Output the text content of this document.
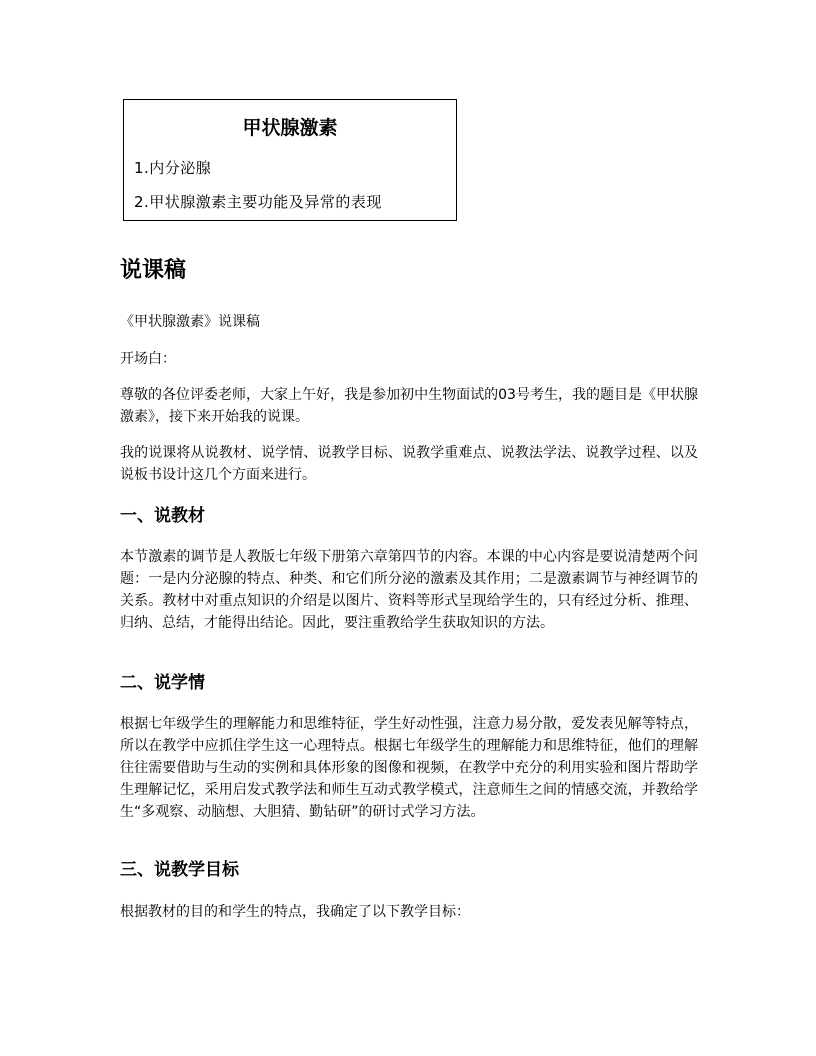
甲状腺激素
1.内分泌腺
2.甲状腺激素主要功能及异常的表现
说课稿
《甲状腺激素》说课稿
开场白：
尊敬的各位评委老师，大家上午好，我是参加初中生物面试的03号考生，我的题目是《甲状腺激素》，接下来开始我的说课。
我的说课将从说教材、说学情、说教学目标、说教学重难点、说教法学法、说教学过程、以及说板书设计这几个方面来进行。
一、说教材
本节激素的调节是人教版七年级下册第六章第四节的内容。本课的中心内容是要说清楚两个问题：一是内分泌腺的特点、种类、和它们所分泌的激素及其作用；二是激素调节与神经调节的关系。教材中对重点知识的介绍是以图片、资料等形式呈现给学生的，只有经过分析、推理、归纳、总结，才能得出结论。因此，要注重教给学生获取知识的方法。
二、说学情
根据七年级学生的理解能力和思维特征，学生好动性强，注意力易分散，爱发表见解等特点，所以在教学中应抓住学生这一心理特点。根据七年级学生的理解能力和思维特征，他们的理解往往需要借助与生动的实例和具体形象的图像和视频，在教学中充分的利用实验和图片帮助学生理解记忆，采用启发式教学法和师生互动式教学模式，注意师生之间的情感交流，并教给学生“多观察、动脑想、大胆猜、勤钻研”的研讨式学习方法。
三、说教学目标
根据教材的目的和学生的特点，我确定了以下教学目标：
